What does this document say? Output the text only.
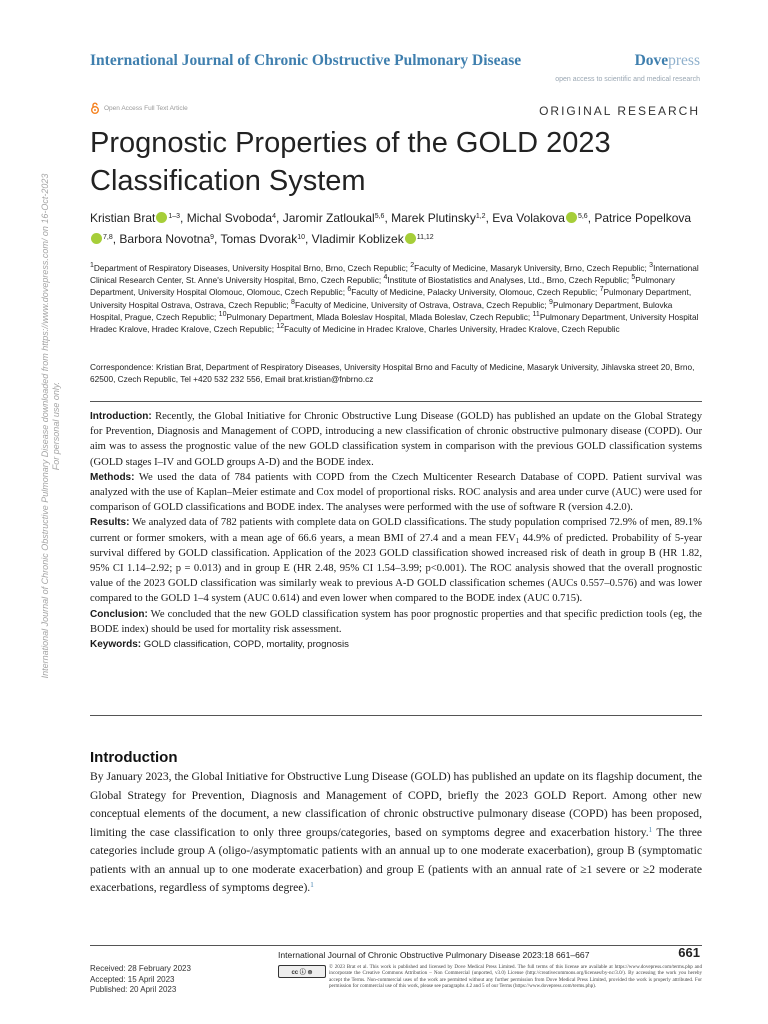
International Journal of Chronic Obstructive Pulmonary Disease	Dovepress
open access to scientific and medical research
Open Access Full Text Article	ORIGINAL RESEARCH
Prognostic Properties of the GOLD 2023 Classification System
Kristian Brat $^{1-3}$, Michal Svoboda$^4$, Jaromir Zatloukal$^{5,6}$, Marek Plutinsky$^{1,2}$, Eva Volakova $^{5,6}$, Patrice Popelkova$^{7,8}$, Barbora Novotna$^9$, Tomas Dvorak$^{10}$, Vladimir Koblizek $^{11,12}$
$^1$Department of Respiratory Diseases, University Hospital Brno, Brno, Czech Republic; $^2$Faculty of Medicine, Masaryk University, Brno, Czech Republic; $^3$International Clinical Research Center, St. Anne's University Hospital, Brno, Czech Republic; $^4$Institute of Biostatistics and Analyses, Ltd., Brno, Czech Republic; $^5$Pulmonary Department, University Hospital Olomouc, Olomouc, Czech Republic; $^6$Faculty of Medicine, Palacky University, Olomouc, Czech Republic; $^7$Pulmonary Department, University Hospital Ostrava, Ostrava, Czech Republic; $^8$Faculty of Medicine, University of Ostrava, Ostrava, Czech Republic; $^9$Pulmonary Department, Bulovka Hospital, Prague, Czech Republic; $^{10}$Pulmonary Department, Mlada Boleslav Hospital, Mlada Boleslav, Czech Republic; $^{11}$Pulmonary Department, University Hospital Hradec Kralove, Hradec Kralove, Czech Republic; $^{12}$Faculty of Medicine in Hradec Kralove, Charles University, Hradec Kralove, Czech Republic
Correspondence: Kristian Brat, Department of Respiratory Diseases, University Hospital Brno and Faculty of Medicine, Masaryk University, Jihlavska street 20, Brno, 62500, Czech Republic, Tel +420 532 232 556, Email brat.kristian@fnbrno.cz

Introduction: Recently, the Global Initiative for Chronic Obstructive Lung Disease (GOLD) has published an update on the Global Strategy for Prevention, Diagnosis and Management of COPD, introducing a new classification of chronic obstructive pulmonary disease (COPD). Our aim was to assess the prognostic value of the new GOLD classification system in comparison with the previous GOLD classification systems (GOLD stages I–IV and GOLD groups A-D) and the BODE index.

Methods: We used the data of 784 patients with COPD from the Czech Multicenter Research Database of COPD. Patient survival was analyzed with the use of Kaplan–Meier estimate and Cox model of proportional risks. ROC analysis and area under curve (AUC) were used for comparison of GOLD classifications and BODE index. The analyses were performed with the use of software R (version 4.2.0).

Results: We analyzed data of 782 patients with complete data on GOLD classifications. The study population comprised 72.9% of men, 89.1% current or former smokers, with a mean age of 66.6 years, a mean BMI of 27.4 and a mean $FEV_1$ 44.9% of predicted. Probability of 5-year survival differed by GOLD classification. Application of the 2023 GOLD classification showed increased risk of death in group B (HR 1.82, 95% CI 1.14–2.92; p = 0.013) and in group E (HR 2.48, 95% CI 1.54–3.99; p<0.001). The ROC analysis showed that the overall prognostic value of the 2023 GOLD classification was similarly weak to previous A-D GOLD classification schemes (AUCs 0.557–0.576) and was lower compared to the GOLD 1–4 system (AUC 0.614) and even lower when compared to the BODE index (AUC 0.715).

Conclusion: We concluded that the new GOLD classification system has poor prognostic properties and that specific prediction tools (eg, the BODE index) should be used for mortality risk assessment.

Keywords: GOLD classification, COPD, mortality, prognosis

Introduction

By January 2023, the Global Initiative for Obstructive Lung Disease (GOLD) has published an update on its flagship document, the Global Strategy for Prevention, Diagnosis and Management of COPD, briefly the 2023 GOLD Report. Among other new conceptual elements of the document, a new classification of chronic obstructive pulmonary disease (COPD) has been proposed, limiting the case classification to only three groups/categories, based on symptoms degree and exacerbation history.$^1$ The three categories include group A (oligo-/asymptomatic patients with an annual up to one moderate exacerbation), group B (symptomatic patients with an annual up to one moderate exacerbation) and group E (patients with an annual rate of ≥1 severe or ≥2 moderate exacerbations, regardless of symptoms degree).$^1$

International Journal of Chronic Obstructive Pulmonary Disease 2023:18 661–667	661
Received: 28 February 2023
Accepted: 15 April 2023
Published: 20 April 2023
cc ⓘ ⊜
© 2023 Brat et al. This work is published and licensed by Dove Medical Press Limited. The full terms of this license are available at https://www.dovepress.com/terms.php and incorporate the Creative Commons Attribution – Non Commercial (unported, v3.0) License (http://creativecommons.org/licenses/by-nc/3.0/). By accessing the work you hereby accept the Terms. Non-commercial uses of the work are permitted without any further permission from Dove Medical Press Limited, provided the work is properly attributed. For permission for commercial use of this work, please see paragraphs 4.2 and 5 of our Terms (https://www.dovepress.com/terms.php).
International Journal of Chronic Obstructive Pulmonary Disease downloaded from https://www.dovepress.com/ on 16-Oct-2023 For personal use only.
